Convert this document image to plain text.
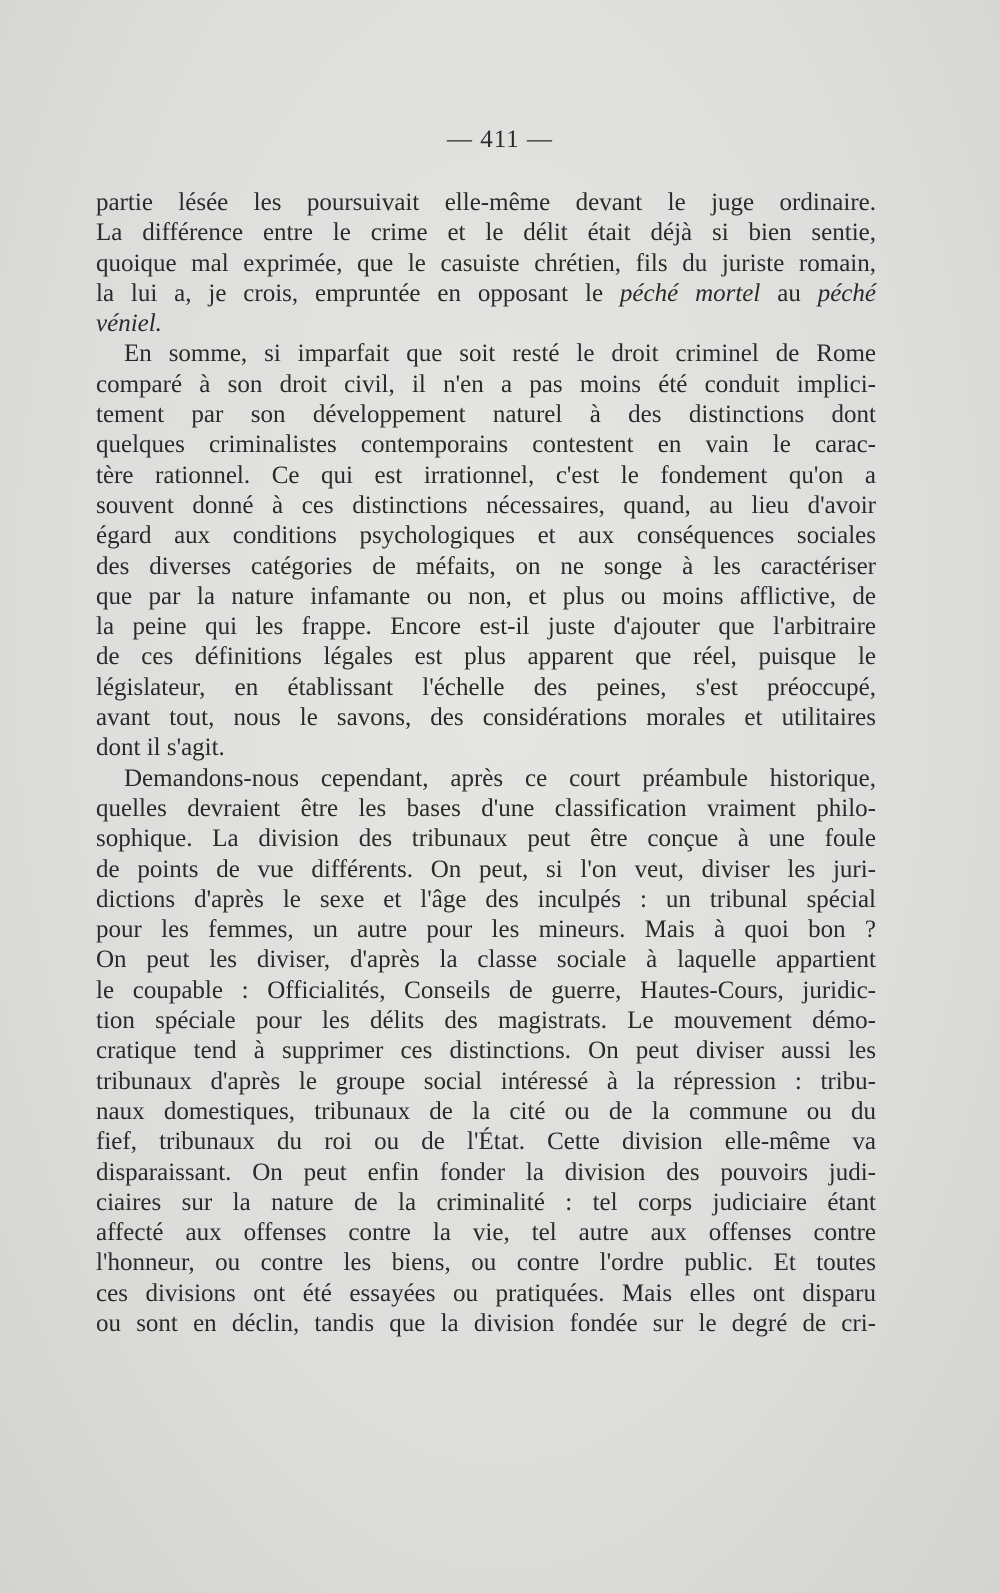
— 411 —
partie lésée les poursuivait elle-même devant le juge ordinaire.
La différence entre le crime et le délit était déjà si bien sentie,
quoique mal exprimée, que le casuiste chrétien, fils du juriste romain,
la lui a, je crois, empruntée en opposant le péché mortel au péché
véniel.
En somme, si imparfait que soit resté le droit criminel de Rome
comparé à son droit civil, il n'en a pas moins été conduit implici-
tement par son développement naturel à des distinctions dont
quelques criminalistes contemporains contestent en vain le carac-
tère rationnel. Ce qui est irrationnel, c'est le fondement qu'on a
souvent donné à ces distinctions nécessaires, quand, au lieu d'avoir
égard aux conditions psychologiques et aux conséquences sociales
des diverses catégories de méfaits, on ne songe à les caractériser
que par la nature infamante ou non, et plus ou moins afflictive, de
la peine qui les frappe. Encore est-il juste d'ajouter que l'arbitraire
de ces définitions légales est plus apparent que réel, puisque le
législateur, en établissant l'échelle des peines, s'est préoccupé,
avant tout, nous le savons, des considérations morales et utilitaires
dont il s'agit.
Demandons-nous cependant, après ce court préambule historique,
quelles devraient être les bases d'une classification vraiment philo-
sophique. La division des tribunaux peut être conçue à une foule
de points de vue différents. On peut, si l'on veut, diviser les juri-
dictions d'après le sexe et l'âge des inculpés : un tribunal spécial
pour les femmes, un autre pour les mineurs. Mais à quoi bon ?
On peut les diviser, d'après la classe sociale à laquelle appartient
le coupable : Officialités, Conseils de guerre, Hautes-Cours, juridic-
tion spéciale pour les délits des magistrats. Le mouvement démo-
cratique tend à supprimer ces distinctions. On peut diviser aussi les
tribunaux d'après le groupe social intéressé à la répression : tribu-
naux domestiques, tribunaux de la cité ou de la commune ou du
fief, tribunaux du roi ou de l'État. Cette division elle-même va
disparaissant. On peut enfin fonder la division des pouvoirs judi-
ciaires sur la nature de la criminalité : tel corps judiciaire étant
affecté aux offenses contre la vie, tel autre aux offenses contre
l'honneur, ou contre les biens, ou contre l'ordre public. Et toutes
ces divisions ont été essayées ou pratiquées. Mais elles ont disparu
ou sont en déclin, tandis que la division fondée sur le degré de cri-
